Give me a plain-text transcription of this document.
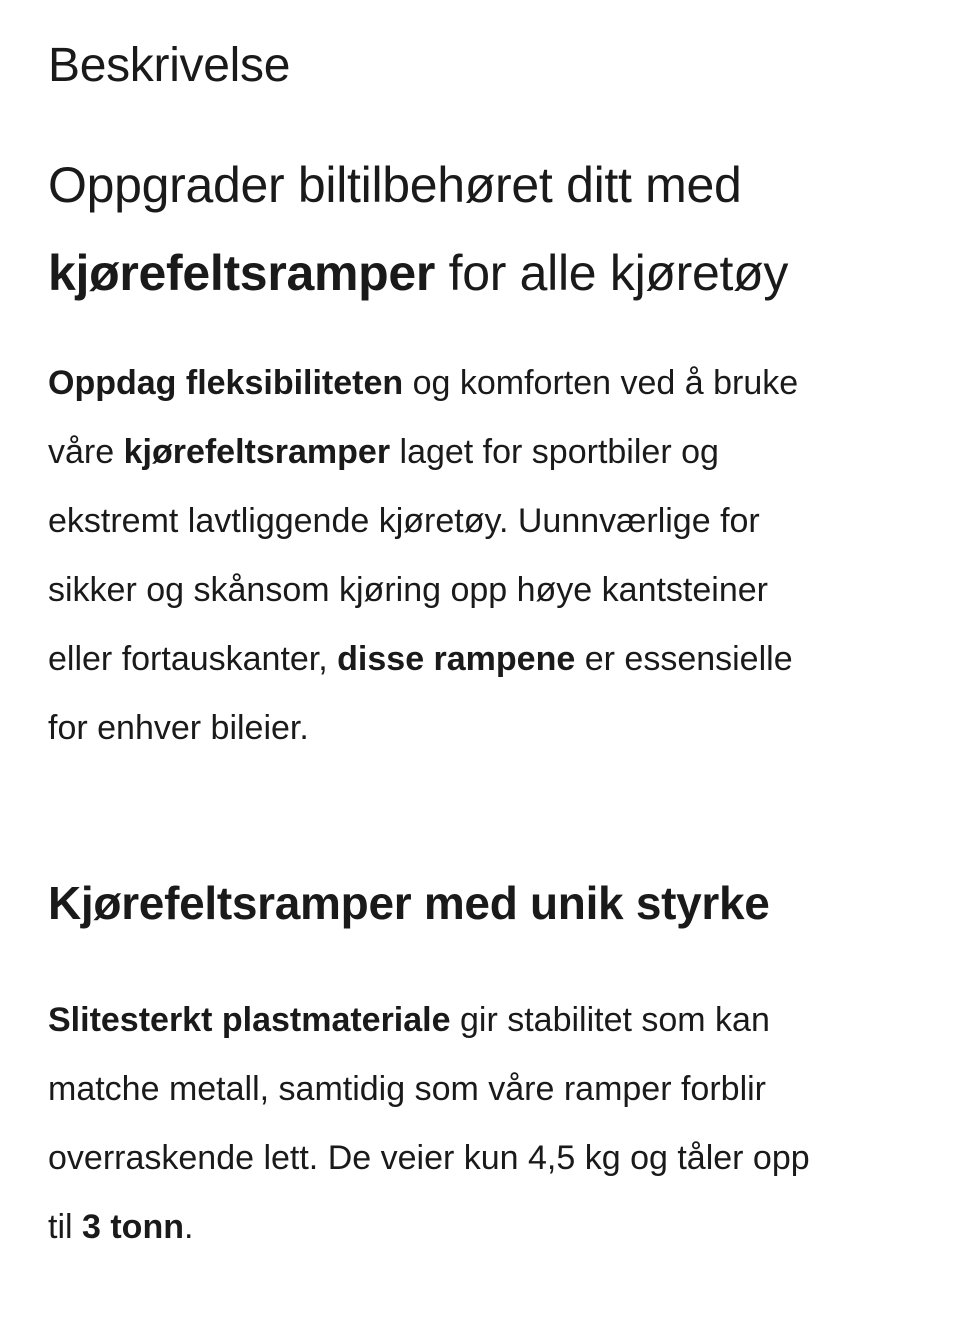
Beskrivelse
Oppgrader biltilbehøret ditt med
kjørefeltsramper for alle kjøretøy

Oppdag fleksibiliteten og komforten ved å bruke
våre kjørefeltsramper laget for sportbiler og
ekstremt lavtliggende kjøretøy. Uunnværlige for
sikker og skånsom kjøring opp høye kantsteiner
eller fortauskanter, disse rampene er essensielle
for enhver bileier.

Kjørefeltsramper med unik styrke

Slitesterkt plastmateriale gir stabilitet som kan
matche metall, samtidig som våre ramper forblir
overraskende lett. De veier kun 4,5 kg og tåler opp
til 3 tonn.
